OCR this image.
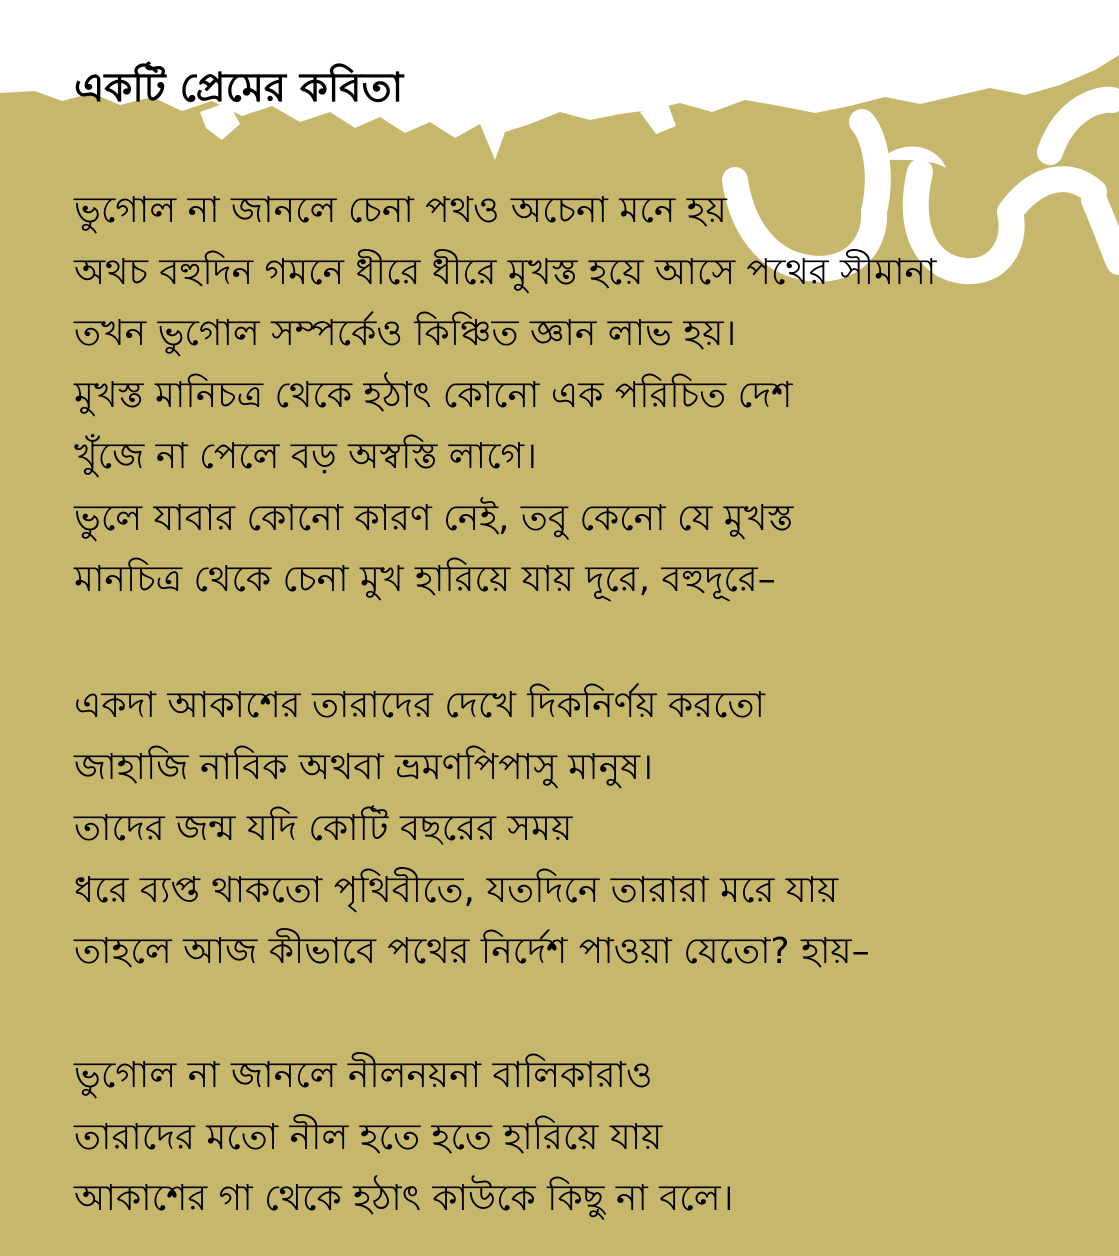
একটি প্রেমের কবিতা
ভুগোল না জানলে চেনা পথও অচেনা মনে হয়
অথচ বহুদিন গমনে ধীরে ধীরে মুখস্ত হয়ে আসে পথের সীমানা
তখন ভুগোল সম্পর্কেও কিঞ্চিত জ্ঞান লাভ হয়।
মুখস্ত মানিচত্র থেকে হঠাৎ কোনো এক পরিচিত দেশ
খুঁজে না পেলে বড় অস্বস্তি লাগে।
ভুলে যাবার কোনো কারণ নেই, তবু কেনো যে মুখস্ত
মানচিত্র থেকে চেনা মুখ হারিয়ে যায় দূরে, বহুদূরে–
একদা আকাশের তারাদের দেখে দিকনির্ণয় করতো
জাহাজি নাবিক অথবা ভ্রমণপিপাসু মানুষ।
তাদের জন্ম যদি কোটি বছরের সময়
ধরে ব্যপ্ত থাকতো পৃথিবীতে, যতদিনে তারারা মরে যায়
তাহলে আজ কীভাবে পথের নির্দেশ পাওয়া যেতো? হায়–
ভুগোল না জানলে নীলনয়না বালিকারাও
তারাদের মতো নীল হতে হতে হারিয়ে যায়
আকাশের গা থেকে হঠাৎ কাউকে কিছু না বলে।
